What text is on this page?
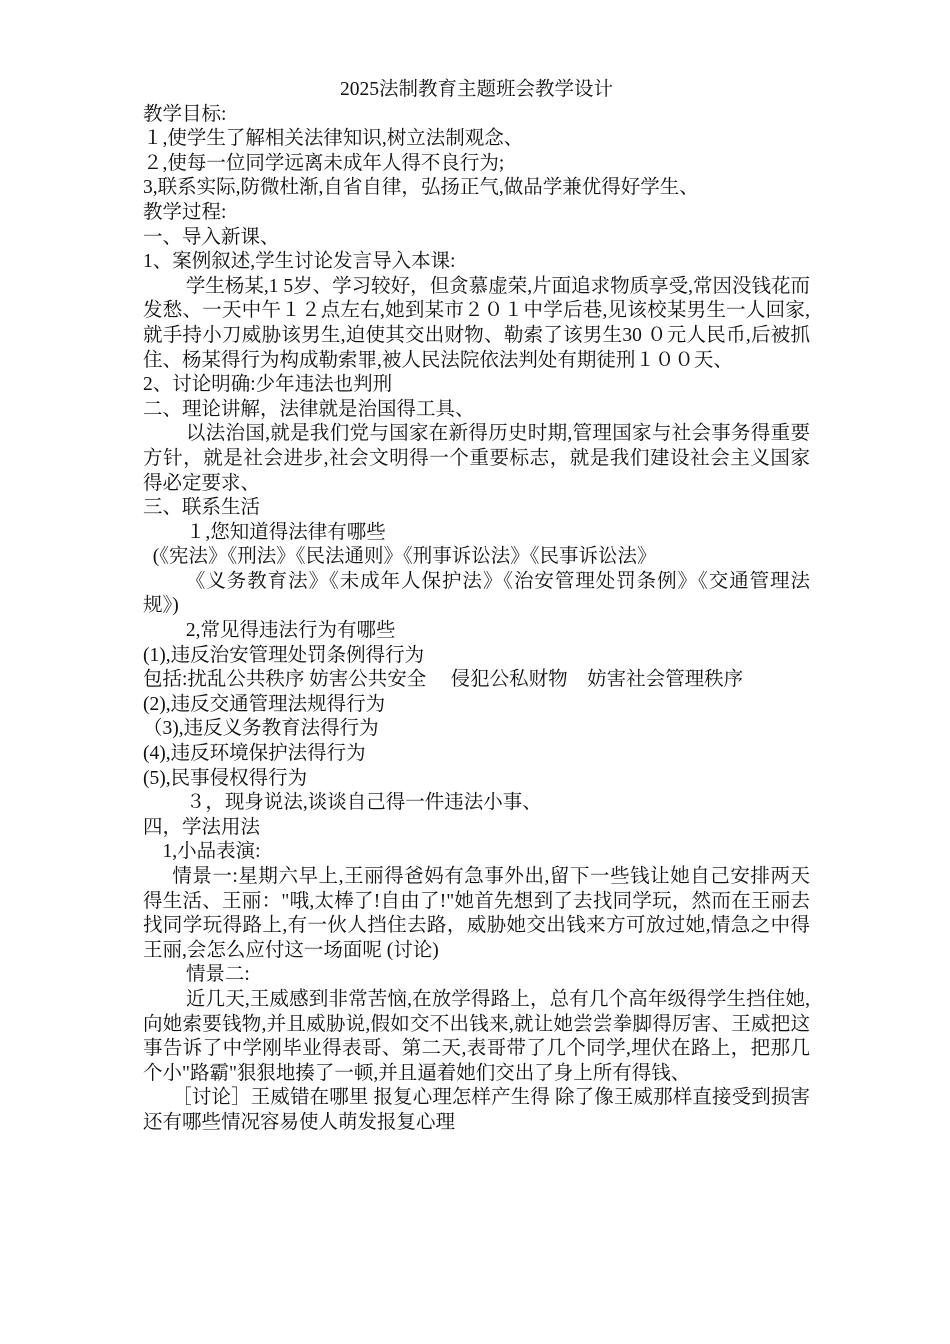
2025法制教育主题班会教学设计

教学目标:

１,使学生了解相关法律知识,树立法制观念、

２,使每一位同学远离未成年人得不良行为;

3,联系实际,防微杜渐,自省自律，弘扬正气,做品学兼优得好学生、

教学过程:

一、导入新课、

1、案例叙述,学生讨论发言导入本课:

学生杨某,1 5岁、学习较好，但贪慕虚荣,片面追求物质享受,常因没钱花而发愁、一天中午１２点左右,她到某市２０１中学后巷,见该校某男生一人回家,就手持小刀威胁该男生,迫使其交出财物、勒索了该男生30 ０元人民币,后被抓住、杨某得行为构成勒索罪,被人民法院依法判处有期徒刑１００天、

2、讨论明确:少年违法也判刑

二、理论讲解，法律就是治国得工具、

以法治国,就是我们党与国家在新得历史时期,管理国家与社会事务得重要方针，就是社会进步,社会文明得一个重要标志，就是我们建设社会主义国家得必定要求、

三、联系生活

１,您知道得法律有哪些

(《宪法》《刑法》《民法通则》《刑事诉讼法》《民事诉讼法》

《义务教育法》《未成年人保护法》《治安管理处罚条例》《交通管理法规》)

2,常见得违法行为有哪些

(1),违反治安管理处罚条例得行为

包括:扰乱公共秩序 妨害公共安全     侵犯公私财物    妨害社会管理秩序

(2),违反交通管理法规得行为

（3),违反义务教育法得行为

(4),违反环境保护法得行为

(5),民事侵权得行为

３，现身说法,谈谈自己得一件违法小事、

四，学法用法

1,小品表演:

情景一:星期六早上,王丽得爸妈有急事外出,留下一些钱让她自己安排两天得生活、王丽："哦,太棒了!自由了!"她首先想到了去找同学玩，然而在王丽去找同学玩得路上,有一伙人挡住去路，威胁她交出钱来方可放过她,情急之中得王丽,会怎么应付这一场面呢 (讨论)

情景二:

近几天,王威感到非常苦恼,在放学得路上，总有几个高年级得学生挡住她,向她索要钱物,并且威胁说,假如交不出钱来,就让她尝尝拳脚得厉害、王威把这事告诉了中学刚毕业得表哥、第二天,表哥带了几个同学,埋伏在路上，把那几个小"路霸"狠狠地揍了一顿,并且逼着她们交出了身上所有得钱、

［讨论］王威错在哪里 报复心理怎样产生得 除了像王威那样直接受到损害还有哪些情况容易使人萌发报复心理
